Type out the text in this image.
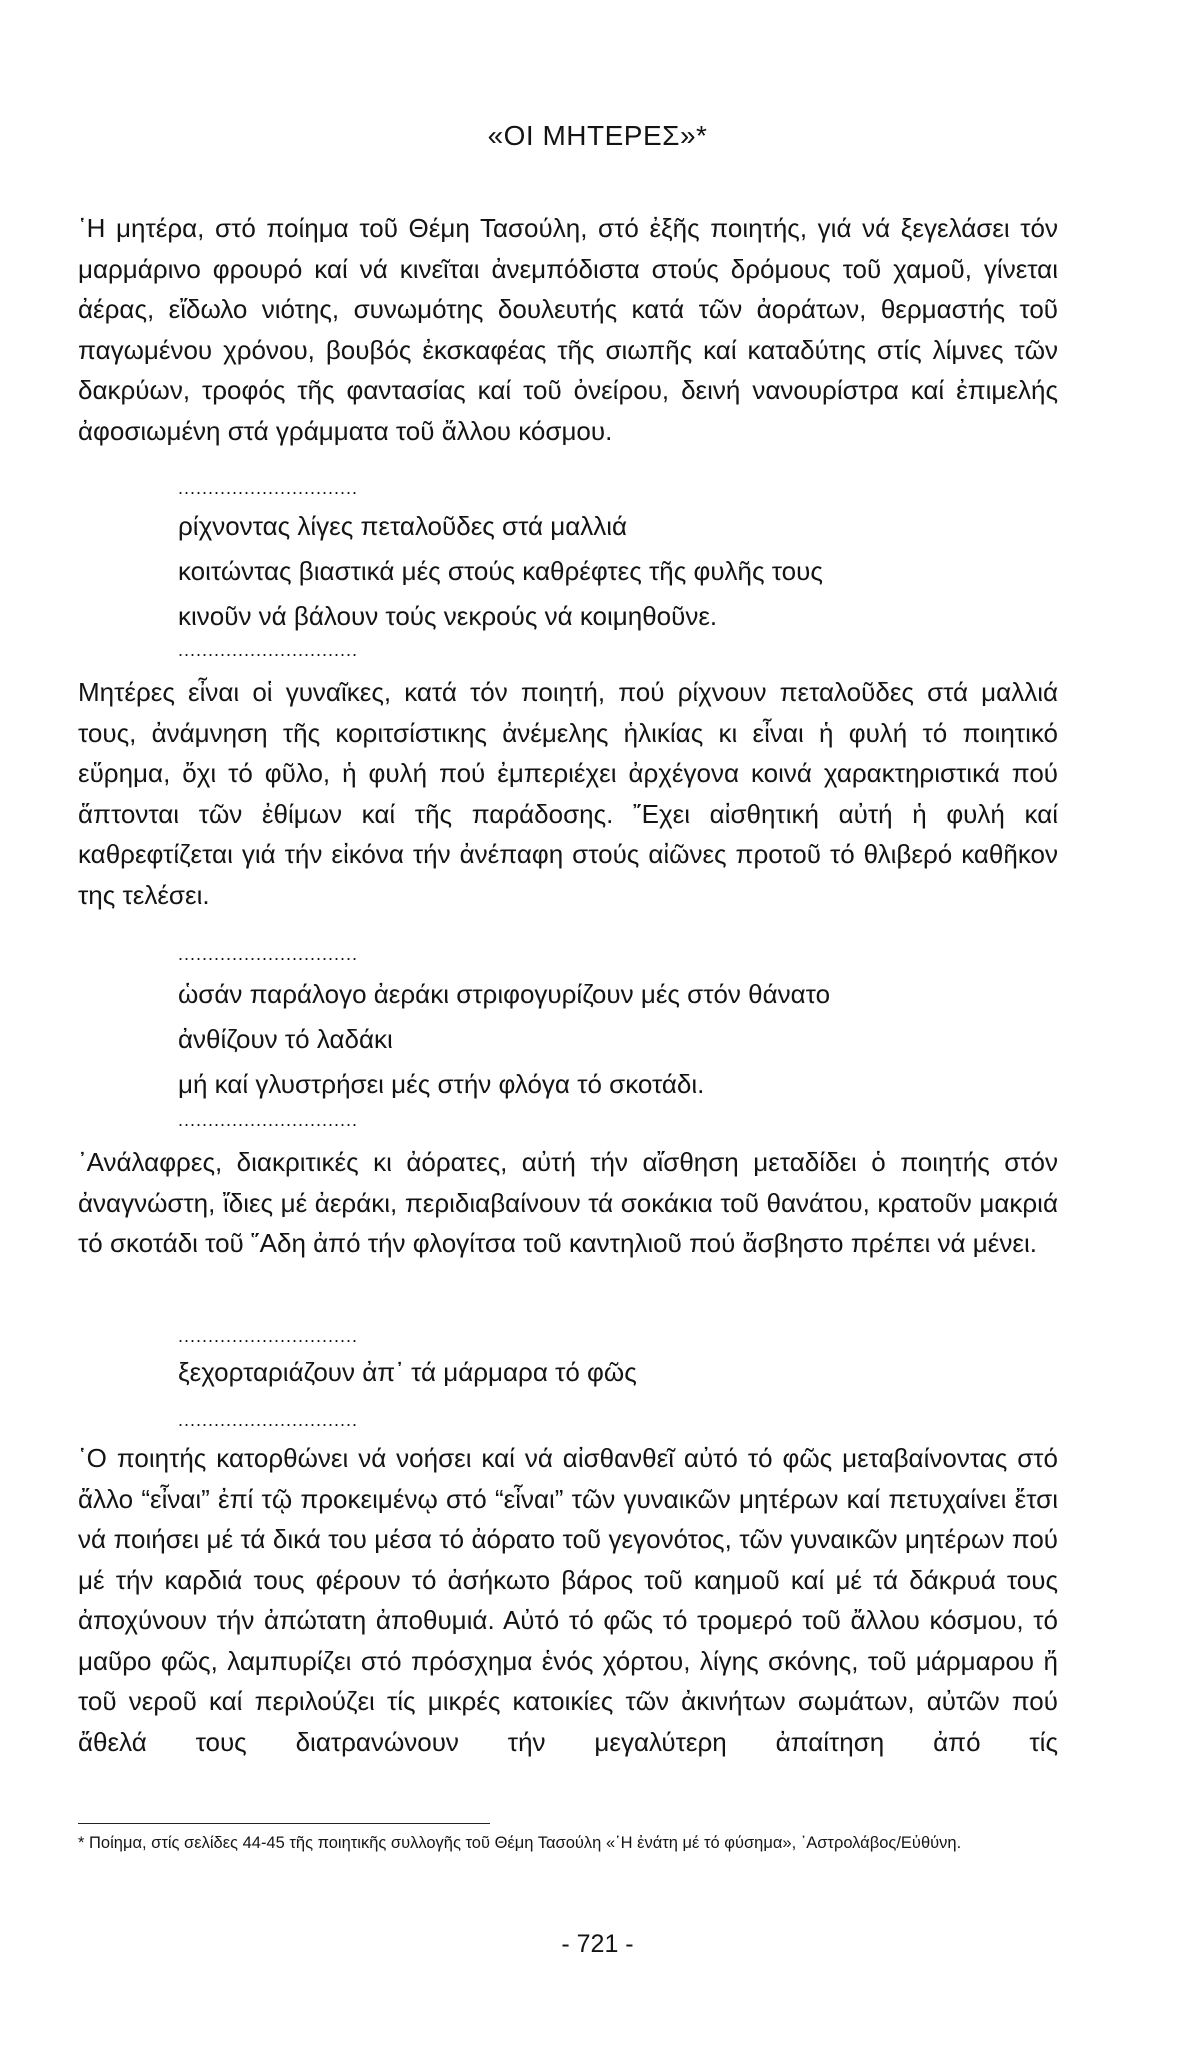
«ΟΙ ΜΗΤΕΡΕΣ»*

῾Η μητέρα, στό ποίημα τοῦ Θέμη Τασούλη, στό ἐξῆς ποιητής, γιά νά ξεγελάσει τόν μαρμάρινο φρουρό καί νά κινεῖται ἀνεμπόδιστα στούς δρόμους τοῦ χαμοῦ, γίνεται ἀέρας, εἴδωλο νιότης, συνωμότης δουλευτής κατά τῶν ἀοράτων, θερμαστής τοῦ παγωμένου χρόνου, βουβός ἐκσκαφέας τῆς σιωπῆς καί καταδύτης στίς λίμνες τῶν δακρύων, τροφός τῆς φαντασίας καί τοῦ ὀνείρου, δεινή νανουρίστρα καί ἐπιμελής ἀφοσιωμένη στά γράμματα τοῦ ἄλλου κόσμου.

..............................
ρίχνοντας λίγες πεταλοῦδες στά μαλλιά
κοιτώντας βιαστικά μές στούς καθρέφτες τῆς φυλῆς τους
κινοῦν νά βάλουν τούς νεκρούς νά κοιμηθοῦνε.
..............................

Μητέρες εἶναι οἱ γυναῖκες, κατά τόν ποιητή, πού ρίχνουν πεταλοῦδες στά μαλλιά τους, ἀνάμνηση τῆς κοριτσίστικης ἀνέμελης ἡλικίας κι εἶναι ἡ φυλή τό ποιητικό εὕρημα, ὄχι τό φῦλο, ἡ φυλή πού ἐμπεριέχει ἀρχέγονα κοινά χαρακτηριστικά πού ἅπτονται τῶν ἐθίμων καί τῆς παράδοσης. ῎Εχει αἰσθητική αὐτή ἡ φυλή καί καθρεφτίζεται γιά τήν εἰκόνα τήν ἀνέπαφη στούς αἰῶνες προτοῦ τό θλιβερό καθῆκον της τελέσει.

..............................
ὡσάν παράλογο ἀεράκι στριφογυρίζουν μές στόν θάνατο
ἀνθίζουν τό λαδάκι
μή καί γλυστρήσει μές στήν φλόγα τό σκοτάδι.
..............................

᾿Ανάλαφρες, διακριτικές κι ἀόρατες, αὐτή τήν αἴσθηση μεταδίδει ὁ ποιητής στόν ἀναγνώστη, ἴδιες μέ ἀεράκι, περιδιαβαίνουν τά σοκάκια τοῦ θανάτου, κρατοῦν μακριά τό σκοτάδι τοῦ ῞Αδη ἀπό τήν φλογίτσα τοῦ καντηλιοῦ πού ἄσβηστο πρέπει νά μένει.

..............................
ξεχορταριάζουν ἀπ᾿ τά μάρμαρα τό φῶς
..............................

῾Ο ποιητής κατορθώνει νά νοήσει καί νά αἰσθανθεῖ αὐτό τό φῶς μεταβαίνοντας στό ἄλλο “εἶναι” ἐπί τῷ προκειμένῳ στό “εἶναι” τῶν γυναικῶν μητέρων καί πετυχαίνει ἔτσι νά ποιήσει μέ τά δικά του μέσα τό ἀόρατο τοῦ γεγονότος, τῶν γυναικῶν μητέρων πού μέ τήν καρδιά τους φέρουν τό ἀσήκωτο βάρος τοῦ καημοῦ καί μέ τά δάκρυά τους ἀποχύνουν τήν ἀπώτατη ἀποθυμιά. Αὐτό τό φῶς τό τρομερό τοῦ ἄλλου κόσμου, τό μαῦρο φῶς, λαμπυρίζει στό πρόσχημα ἑνός χόρτου, λίγης σκόνης, τοῦ μάρμαρου ἤ τοῦ νεροῦ καί περιλούζει τίς μικρές κατοικίες τῶν ἀκινήτων σωμάτων, αὐτῶν πού ἄθελά τους διατρανώνουν τήν μεγαλύτερη ἀπαίτηση ἀπό τίς

* Ποίημα, στίς σελίδες 44-45 τῆς ποιητικῆς συλλογῆς τοῦ Θέμη Τασούλη «῾Η ἐνάτη μέ τό φύσημα», ᾿Αστρολάβος/Εὐθύνη.

- 721 -
